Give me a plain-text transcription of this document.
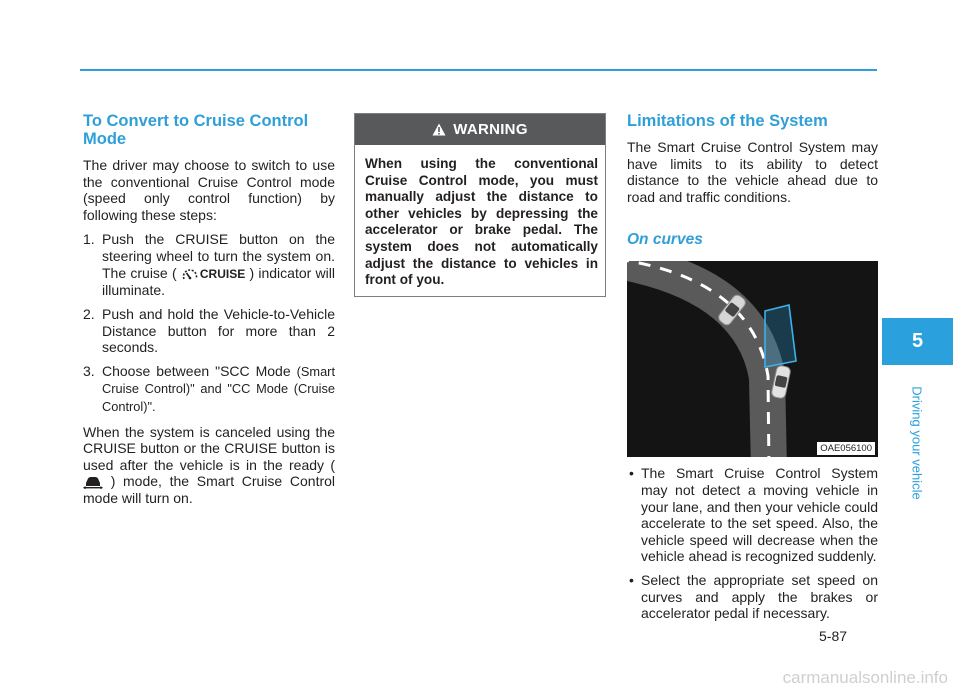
To Convert to Cruise Control Mode

The driver may choose to switch to use the conventional Cruise Control mode (speed only control function) by following these steps:

1. Push the CRUISE button on the steering wheel to turn the system on. The cruise ( CRUISE ) indicator will illuminate.
2. Push and hold the Vehicle-to-Vehicle Distance button for more than 2 seconds.
3. Choose between "SCC Mode (Smart Cruise Control)" and "CC Mode (Cruise Control)".

When the system is canceled using the CRUISE button or the CRUISE button is used after the vehicle is in the ready (
) mode, the Smart Cruise Control mode will turn on.

WARNING
When using the conventional Cruise Control mode, you must manually adjust the distance to other vehicles by depressing the accelerator or brake pedal. The system does not automatically adjust the distance to vehicles in front of you.
Limitations of the System

The Smart Cruise Control System may have limits to its ability to detect distance to the vehicle ahead due to road and traffic conditions.

On curves
OAE056100
• The Smart Cruise Control System may not detect a moving vehicle in your lane, and then your vehicle could accelerate to the set speed. Also, the vehicle speed will decrease when the vehicle ahead is recognized suddenly.
• Select the appropriate set speed on curves and apply the brakes or accelerator pedal if necessary.
5
Driving your vehicle
5-87
carmanualsonline.info
